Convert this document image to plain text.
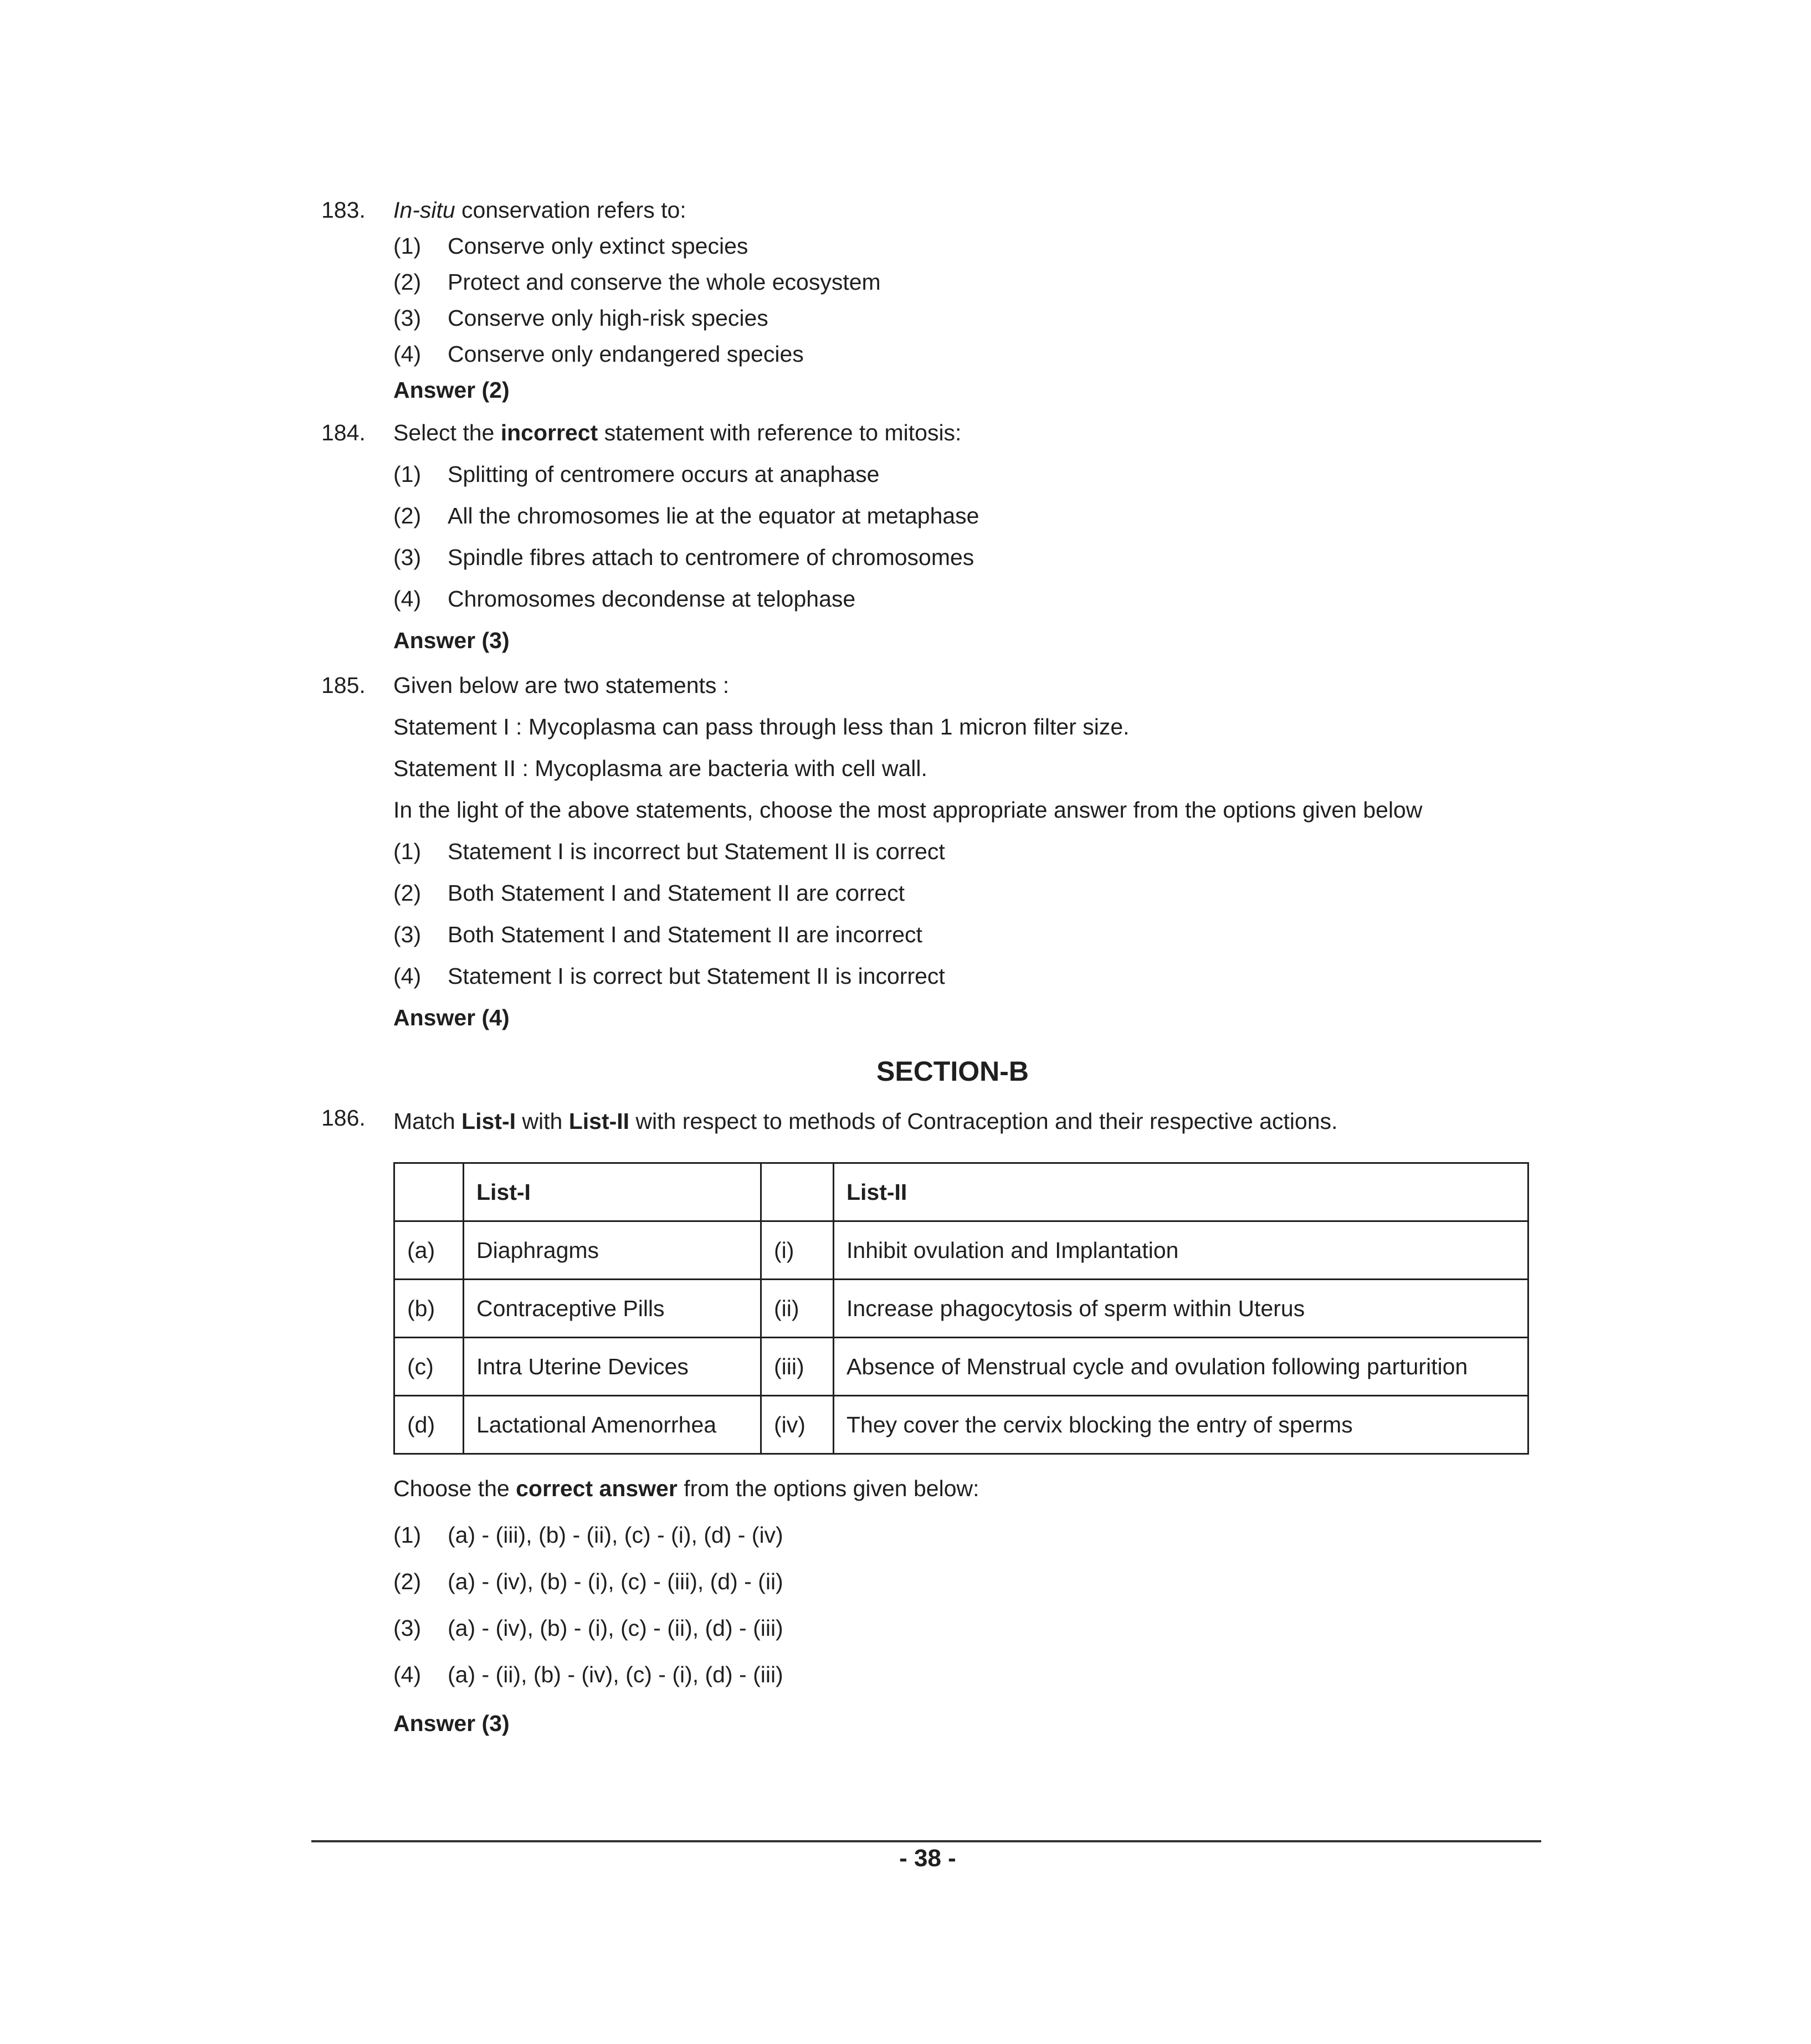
183.	In-situ conservation refers to:
(1) Conserve only extinct species
(2) Protect and conserve the whole ecosystem
(3) Conserve only high-risk species
(4) Conserve only endangered species
Answer (2)
184.	Select the incorrect statement with reference to mitosis:
(1) Splitting of centromere occurs at anaphase
(2) All the chromosomes lie at the equator at metaphase
(3) Spindle fibres attach to centromere of chromosomes
(4) Chromosomes decondense at telophase
Answer (3)
185.	Given below are two statements :
Statement I : Mycoplasma can pass through less than 1 micron filter size.
Statement II : Mycoplasma are bacteria with cell wall.
In the light of the above statements, choose the most appropriate answer from the options given below
(1) Statement I is incorrect but Statement II is correct
(2) Both Statement I and Statement II are correct
(3) Both Statement I and Statement II are incorrect
(4) Statement I is correct but Statement II is incorrect
Answer (4)
SECTION-B
186.	Match List-I with List-II with respect to methods of Contraception and their respective actions.
	List-I		List-II
(a)	Diaphragms	(i)	Inhibit ovulation and Implantation
(b)	Contraceptive Pills	(ii)	Increase phagocytosis of sperm within Uterus
(c)	Intra Uterine Devices	(iii)	Absence of Menstrual cycle and ovulation following parturition
(d)	Lactational Amenorrhea	(iv)	They cover the cervix blocking the entry of sperms
Choose the correct answer from the options given below:
(1) (a) - (iii), (b) - (ii), (c) - (i), (d) - (iv)
(2) (a) - (iv), (b) - (i), (c) - (iii), (d) - (ii)
(3) (a) - (iv), (b) - (i), (c) - (ii), (d) - (iii)
(4) (a) - (ii), (b) - (iv), (c) - (i), (d) - (iii)
Answer (3)
- 38 -
